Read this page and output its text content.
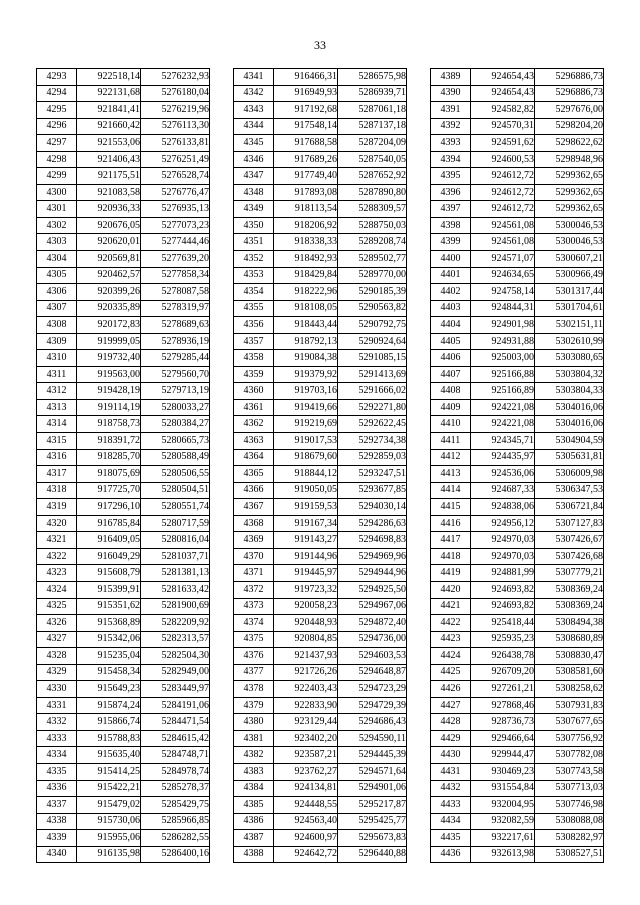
33
4293	922518,14	5276232,93
4294	922131,68	5276180,04
4295	921841,41	5276219,96
4296	921660,42	5276113,30
4297	921553,06	5276133,81
4298	921406,43	5276251,49
4299	921175,51	5276528,74
4300	921083,58	5276776,47
4301	920936,33	5276935,13
4302	920676,05	5277073,23
4303	920620,01	5277444,46
4304	920569,81	5277639,20
4305	920462,57	5277858,34
4306	920399,26	5278087,58
4307	920335,89	5278319,97
4308	920172,83	5278689,63
4309	919999,05	5278936,19
4310	919732,40	5279285,44
4311	919563,00	5279560,70
4312	919428,19	5279713,19
4313	919114,19	5280033,27
4314	918758,73	5280384,27
4315	918391,72	5280665,73
4316	918285,70	5280588,49
4317	918075,69	5280506,55
4318	917725,70	5280504,51
4319	917296,10	5280551,74
4320	916785,84	5280717,59
4321	916409,05	5280816,04
4322	916049,29	5281037,71
4323	915608,79	5281381,13
4324	915399,91	5281633,42
4325	915351,62	5281900,69
4326	915368,89	5282209,92
4327	915342,06	5282313,57
4328	915235,04	5282504,30
4329	915458,34	5282949,00
4330	915649,23	5283449,97
4331	915874,24	5284191,06
4332	915866,74	5284471,54
4333	915788,83	5284615,42
4334	915635,40	5284748,71
4335	915414,25	5284978,74
4336	915422,21	5285278,37
4337	915479,02	5285429,75
4338	915730,06	5285966,85
4339	915955,06	5286282,55
4340	916135,98	5286400,16
4341	916466,31	5286575,98
4342	916949,93	5286939,71
4343	917192,68	5287061,18
4344	917548,14	5287137,18
4345	917688,58	5287204,09
4346	917689,26	5287540,05
4347	917749,40	5287652,92
4348	917893,08	5287890,80
4349	918113,54	5288309,57
4350	918206,92	5288750,03
4351	918338,33	5289208,74
4352	918492,93	5289502,77
4353	918429,84	5289770,00
4354	918222,96	5290185,39
4355	918108,05	5290563,82
4356	918443,44	5290792,75
4357	918792,13	5290924,64
4358	919084,38	5291085,15
4359	919379,92	5291413,69
4360	919703,16	5291666,02
4361	919419,66	5292271,80
4362	919219,69	5292622,45
4363	919017,53	5292734,38
4364	918679,60	5292859,03
4365	918844,12	5293247,51
4366	919050,05	5293677,85
4367	919159,53	5294030,14
4368	919167,34	5294286,63
4369	919143,27	5294698,83
4370	919144,96	5294969,96
4371	919445,97	5294944,96
4372	919723,32	5294925,50
4373	920058,23	5294967,06
4374	920448,93	5294872,40
4375	920804,85	5294736,00
4376	921437,93	5294603,53
4377	921726,26	5294648,87
4378	922403,43	5294723,29
4379	922833,90	5294729,39
4380	923129,44	5294686,43
4381	923402,20	5294590,11
4382	923587,21	5294445,39
4383	923762,27	5294571,64
4384	924134,81	5294901,06
4385	924448,55	5295217,87
4386	924563,40	5295425,77
4387	924600,97	5295673,83
4388	924642,72	5296440,88
4389	924654,43	5296886,73
4390	924654,43	5296886,73
4391	924582,82	5297676,00
4392	924570,31	5298204,20
4393	924591,62	5298622,62
4394	924600,53	5298948,96
4395	924612,72	5299362,65
4396	924612,72	5299362,65
4397	924612,72	5299362,65
4398	924561,08	5300046,53
4399	924561,08	5300046,53
4400	924571,07	5300607,21
4401	924634,65	5300966,49
4402	924758,14	5301317,44
4403	924844,31	5301704,61
4404	924901,98	5302151,11
4405	924931,88	5302610,99
4406	925003,00	5303080,65
4407	925166,88	5303804,32
4408	925166,89	5303804,33
4409	924221,08	5304016,06
4410	924221,08	5304016,06
4411	924345,71	5304904,59
4412	924435,97	5305631,81
4413	924536,06	5306009,98
4414	924687,33	5306347,53
4415	924838,06	5306721,84
4416	924956,12	5307127,83
4417	924970,03	5307426,67
4418	924970,03	5307426,68
4419	924881,99	5307779,21
4420	924693,82	5308369,24
4421	924693,82	5308369,24
4422	925418,44	5308494,38
4423	925935,23	5308680,89
4424	926438,78	5308830,47
4425	926709,20	5308581,60
4426	927261,21	5308258,62
4427	927868,46	5307931,83
4428	928736,73	5307677,65
4429	929466,64	5307756,92
4430	929944,47	5307782,08
4431	930469,23	5307743,58
4432	931554,84	5307713,03
4433	932004,95	5307746,98
4434	932082,59	5308088,08
4435	932217,61	5308282,97
4436	932613,98	5308527,51
